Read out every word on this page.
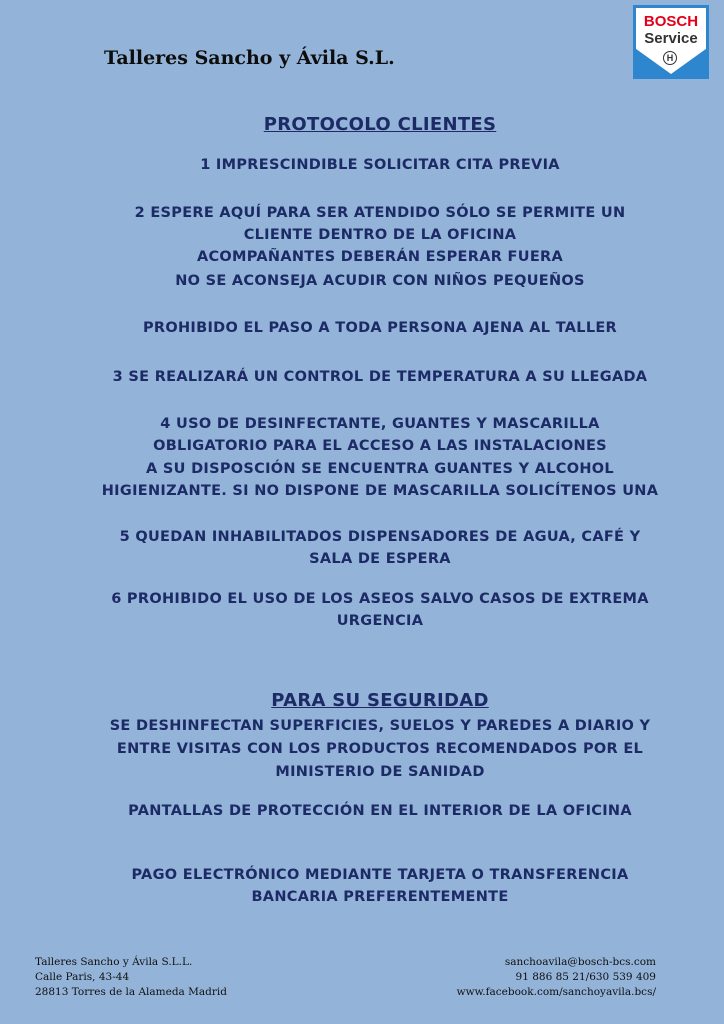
Talleres Sancho y Ávila S.L.
BOSCH
Service
H
PROTOCOLO CLIENTES
1 IMPRESCINDIBLE SOLICITAR CITA PREVIA
2 ESPERE AQUÍ PARA SER ATENDIDO SÓLO SE PERMITE UN
CLIENTE DENTRO DE LA OFICINA
ACOMPAÑANTES DEBERÁN ESPERAR FUERA
NO SE ACONSEJA ACUDIR CON NIÑOS PEQUEÑOS
PROHIBIDO EL PASO A TODA PERSONA AJENA AL TALLER
3 SE REALIZARÁ UN CONTROL DE TEMPERATURA A SU LLEGADA
4 USO DE DESINFECTANTE, GUANTES Y MASCARILLA
OBLIGATORIO PARA EL ACCESO A LAS INSTALACIONES
A SU DISPOSCIÓN SE ENCUENTRA GUANTES Y ALCOHOL
HIGIENIZANTE. SI NO DISPONE DE MASCARILLA SOLICÍTENOS UNA
5 QUEDAN INHABILITADOS DISPENSADORES DE AGUA, CAFÉ Y
SALA DE ESPERA
6 PROHIBIDO EL USO DE LOS ASEOS SALVO CASOS DE EXTREMA
URGENCIA
PARA SU SEGURIDAD
SE DESHINFECTAN SUPERFICIES, SUELOS Y PAREDES A DIARIO Y
ENTRE VISITAS CON LOS PRODUCTOS RECOMENDADOS POR EL
MINISTERIO DE SANIDAD
PANTALLAS DE PROTECCIÓN EN EL INTERIOR DE LA OFICINA
PAGO ELECTRÓNICO MEDIANTE TARJETA O TRANSFERENCIA
BANCARIA PREFERENTEMENTE
Talleres Sancho y Ávila S.L.L.
Calle Paris, 43-44
28813 Torres de la Alameda Madrid
sanchoavila@bosch-bcs.com
91 886 85 21/630 539 409
www.facebook.com/sanchoyavila.bcs/
